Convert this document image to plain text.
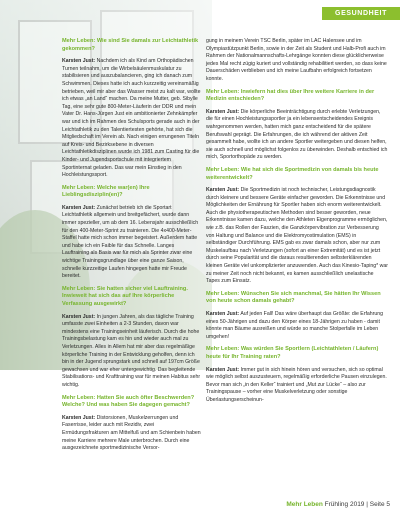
GESUNDHEIT

Mehr Leben: Wie sind Sie damals zur Leichtathletik gekommen?

Karsten Just: Nachdem ich als Kind am Orthopädischen Turnen teilnahm, um die Wirbelsäulenmuskulatur zu stabilisieren und auszubalancieren, ging ich danach zum Schwimmen. Dieses hatte ich auch kurzzeitig vereinsmäßig betrieben, weil mir aber das Wasser meist zu kalt war, wollte ich etwas „an Land“ machen. Da meine Mutter, geb. Sibylle Tag, eine sehr gute 800-Meter-Läuferin der DDR und mein Vater Dr. Hans-Jürgen Just ein ambitionierter Zehnkämpfer war und ich im Rahmen des Schulsports gerade auch in der Leichtathletik zu den Talentiertesten gehörte, hat sich die Mitgliedschaft im Verein ab. Nach einigen errungenen Titeln auf Kreis- und Bezirksebene in diversen Leichtathletikdisziplinen wurde ich 1981 zum Casting für die Kinder- und Jugendsportschule mit integriertem Sportinternat geladen. Das war mein Einstieg in den Hochleistungssport.

Mehr Leben: Welche war(en) Ihre Lieblingsdisziplin(en)?

Karsten Just: Zunächst betrieb ich die Sportart Leichtathletik allgemein und breitgefächert, wurde dann immer spezieller, um ab dem 16. Lebensjahr ausschließlich für den 400-Meter-Sprint zu trainieren. Die 4x400-Meter-Staffel hatte mich schon immer begeistert. Außerdem hatte und habe ich ein Faible für das Schnelle. Langes Lauftraining als Basis war für mich als Sprinter zwar eine wichtige Trainingsgrundlage über eine ganze Saison, schnelle kurzzeitige Laufen hingegen hatte mir Freude bereitet.

Mehr Leben: Sie hatten sicher viel Lauftraining. Inwieweit hat sich das auf Ihre körperliche Verfassung ausgewirkt?

Karsten Just: In jungen Jahren, als das tägliche Training umfasste zwei Einheiten a 2-3 Stunden, davon war mindestens eine Trainingseinheit läuferisch. Durch die hohe Trainingsbelastung kam es hin und wieder auch mal zu Verletzungen. Alles in Allem hat mir aber das regelmäßige körperliche Training in der Entwicklung geholfen, denn ich bin in der Jugend sprungstark und schnell auf 197cm Größe gewachsen und war eher untergewichtig. Das begleitende Stabilisations- und Krafttraining war für meinen Habitus sehr wichtig.

Mehr Leben: Hatten Sie auch öfter Beschwerden? Welche? Und was haben Sie dagegen gemacht?

Karsten Just: Distorsionen, Muskelzerrungen und Faserrisse, leider auch mit Rezidiv, zwei Ermüdungsfrakturen am Mittelfuß und am Schienbein haben meine Karriere mehrere Male unterbrochen. Durch eine ausgezeichnete sportmedizinische Versor-

gung in meinem Verein TSC Berlin, später im LAC Halensee und im Olympiastützpunkt Berlin, sowie in der Zeit als Student und Halb-Profi auch im Rahmen der Nationalmannschafts-Lehrgänge konnten diese glücklicherweise jedes Mal recht zügig kuriert und vollständig rehabilitiert werden, so dass keine Dauerschäden verblieben und ich meine Laufbahn erfolgreich fortsetzen konnte.

Mehr Leben: Inwiefern hat dies über Ihre weitere Karriere in der Medizin entschieden?

Karsten Just: Die körperliche Beeinträchtigung durch erlebte Verletzungen, die für einen Hochleistungssportler ja ein lebensentscheidendes Ereignis wahrgenommen werden, hatten mich ganz entscheidend für die spätere Berufswahl geprägt. Die Erfahrungen, die ich während der aktiven Zeit gesammelt habe, wollte ich an andere Sportler weitergeben und diesen helfen, sie auch schnell und möglichst folgenlos zu überwinden. Deshalb entschied ich mich, Sportorthopäde zu werden.

Mehr Leben: Wie hat sich die Sportmedizin von damals bis heute weiterentwickelt?

Karsten Just: Die Sportmedizin ist noch technischer, Leistungsdiagnostik durch kleinere und bessere Geräte einfacher geworden. Die Erkenntnisse und Möglichkeiten der Ernährung für Sportler haben sich enorm weiterentwickelt. Auch die physiotherapeutischen Methoden sind besser geworden, neue Erkenntnisse kamen dazu, welche den Athleten Eigenprogramme ermöglichen, wie z.B. das Rollen der Faszien, die Ganzkörpervibration zur Verbesserung von Haltung und Balance und die Elektromyostimulation (EMS) in selbständiger Durchführung. EMS gab es zwar damals schon, aber nur zum Muskelaufbau nach Verletzungen (sofort an einer Extremität) und es ist jetzt durch seine Popularität und die daraus resultierenden selbsterklärenden kleinen Geräte viel unkomplizierter anzuwenden. Auch das Kinesio-Taping* war zu meiner Zeit noch nicht bekannt, es kamen ausschließlich unelastische Tapes zum Einsatz.

Mehr Leben: Wünschen Sie sich manchmal, Sie hätten Ihr Wissen von heute schon damals gehabt?

Karsten Just: Auf jeden Fall! Das wäre überhaupt das Größte: die Erfahrung eines 50-Jährigen und dazu den Körper eines 18-Jährigen zu haben - damit könnte man Bäume ausreißen und würde so manche Stolperfalle im Leben umgehen!

Mehr Leben: Was würden Sie Sportlern (Leichtathleten / Läufern) heute für Ihr Training raten?

Karsten Just: Immer gut in sich hinein hören und versuchen, sich so optimal wie möglich selbst auszusteuern, regelmäßig erforderliche Pausen einzulegen. Bevor man sich „in den Keller“ trainiert und „Mut zur Lücke“ – also zur Trainingspause – vorher eine Muskelverletzung oder sonstige Überlastungserscheinun-

Mehr Leben Frühling 2019 | Seite 5
